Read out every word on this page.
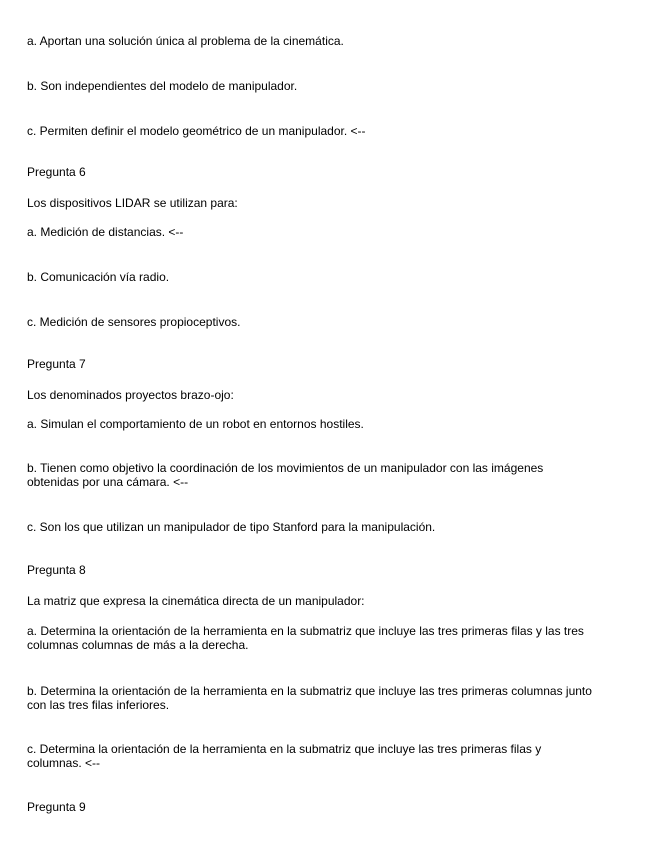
a. Aportan una solución única al problema de la cinemática.
b. Son independientes del modelo de manipulador.
c. Permiten definir el modelo geométrico de un manipulador. <--
Pregunta 6
Los dispositivos LIDAR se utilizan para:
a. Medición de distancias. <--
b. Comunicación vía radio.
c. Medición de sensores propioceptivos.
Pregunta 7
Los denominados proyectos brazo-ojo:
a. Simulan el comportamiento de un robot en entornos hostiles.
b. Tienen como objetivo la coordinación de los movimientos de un manipulador con las imágenes obtenidas por una cámara. <--
c. Son los que utilizan un manipulador de tipo Stanford para la manipulación.
Pregunta 8
La matriz que expresa la cinemática directa de un manipulador:
a. Determina la orientación de la herramienta en la submatriz que incluye las tres primeras filas y las tres columnas columnas de más a la derecha.
b. Determina la orientación de la herramienta en la submatriz que incluye las tres primeras columnas junto con las tres filas inferiores.
c. Determina la orientación de la herramienta en la submatriz que incluye las tres primeras filas y columnas. <--
Pregunta 9
